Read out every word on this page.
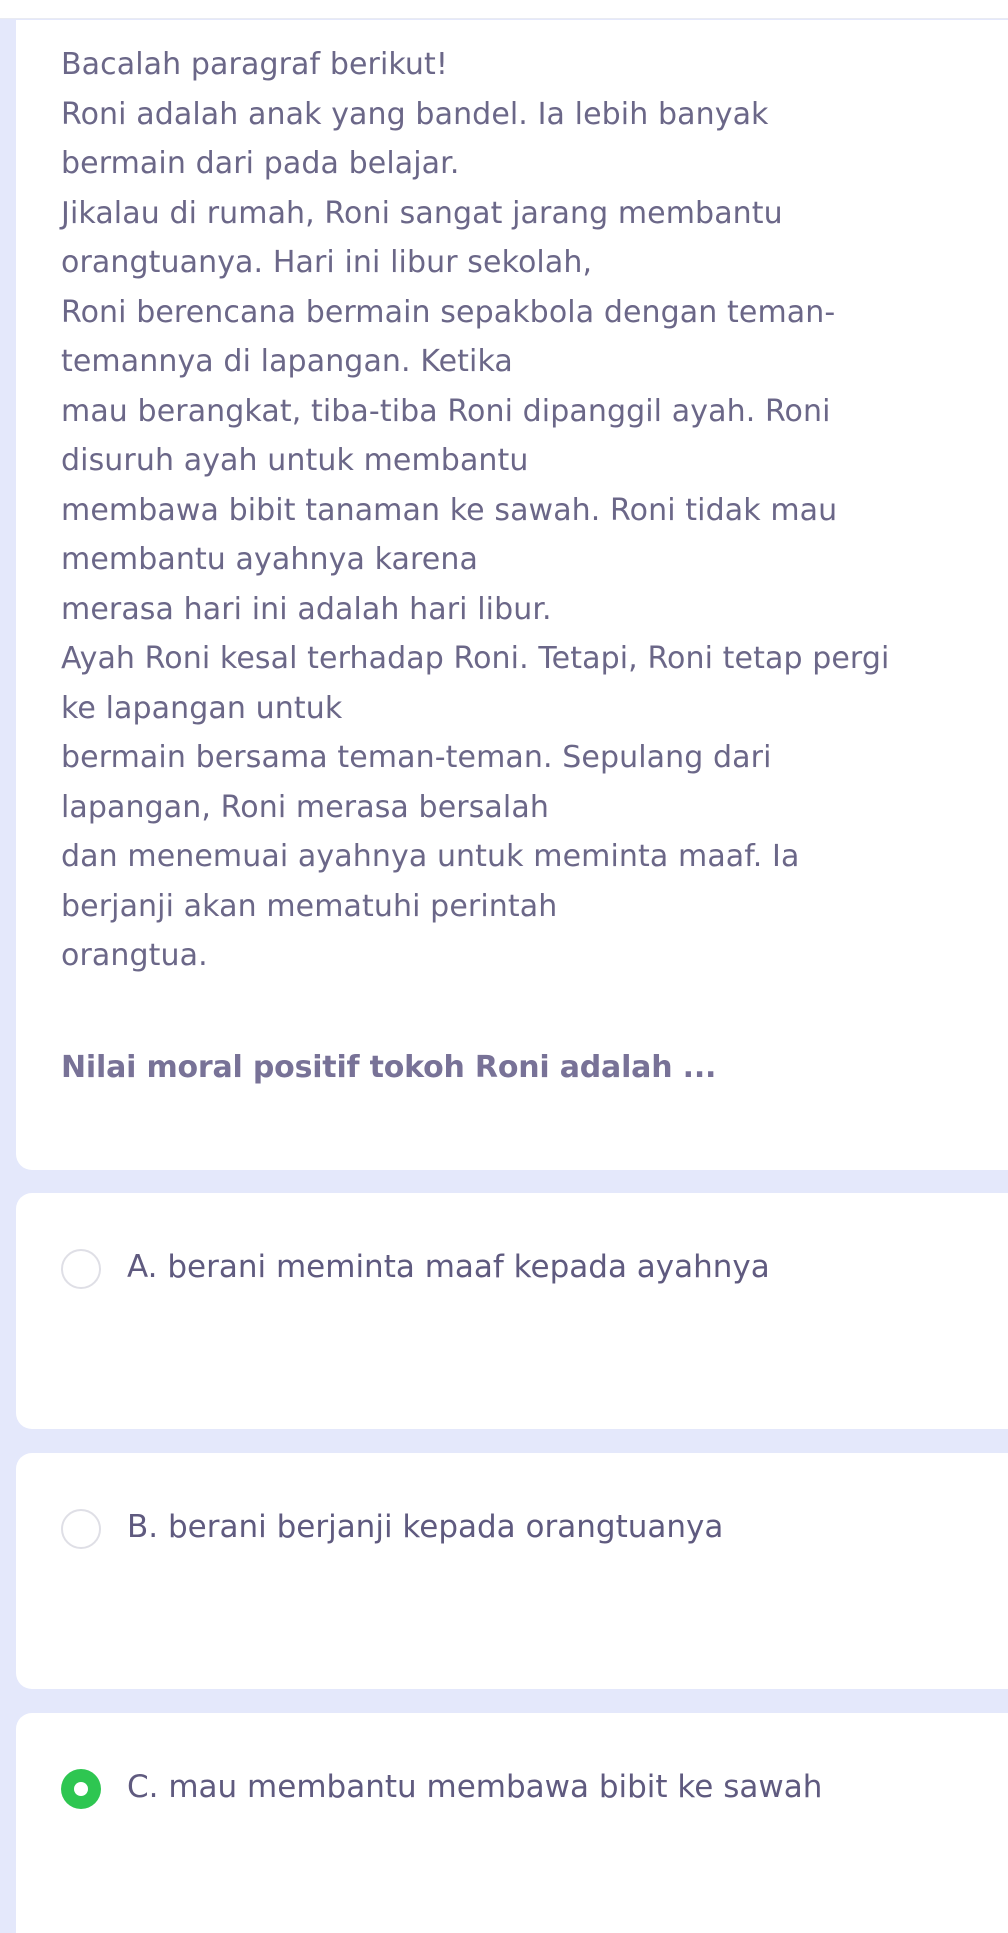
Bacalah paragraf berikut!
Roni adalah anak yang bandel. Ia lebih banyak
bermain dari pada belajar.
Jikalau di rumah, Roni sangat jarang membantu
orangtuanya. Hari ini libur sekolah,
Roni berencana bermain sepakbola dengan teman-
temannya di lapangan. Ketika
mau berangkat, tiba-tiba Roni dipanggil ayah. Roni
disuruh ayah untuk membantu
membawa bibit tanaman ke sawah. Roni tidak mau
membantu ayahnya karena
merasa hari ini adalah hari libur.
Ayah Roni kesal terhadap Roni. Tetapi, Roni tetap pergi
ke lapangan untuk
bermain bersama teman-teman. Sepulang dari
lapangan, Roni merasa bersalah
dan menemuai ayahnya untuk meminta maaf. Ia
berjanji akan mematuhi perintah
orangtua.
Nilai moral positif tokoh Roni adalah ...
A. berani meminta maaf kepada ayahnya
B. berani berjanji kepada orangtuanya
C. mau membantu membawa bibit ke sawah
